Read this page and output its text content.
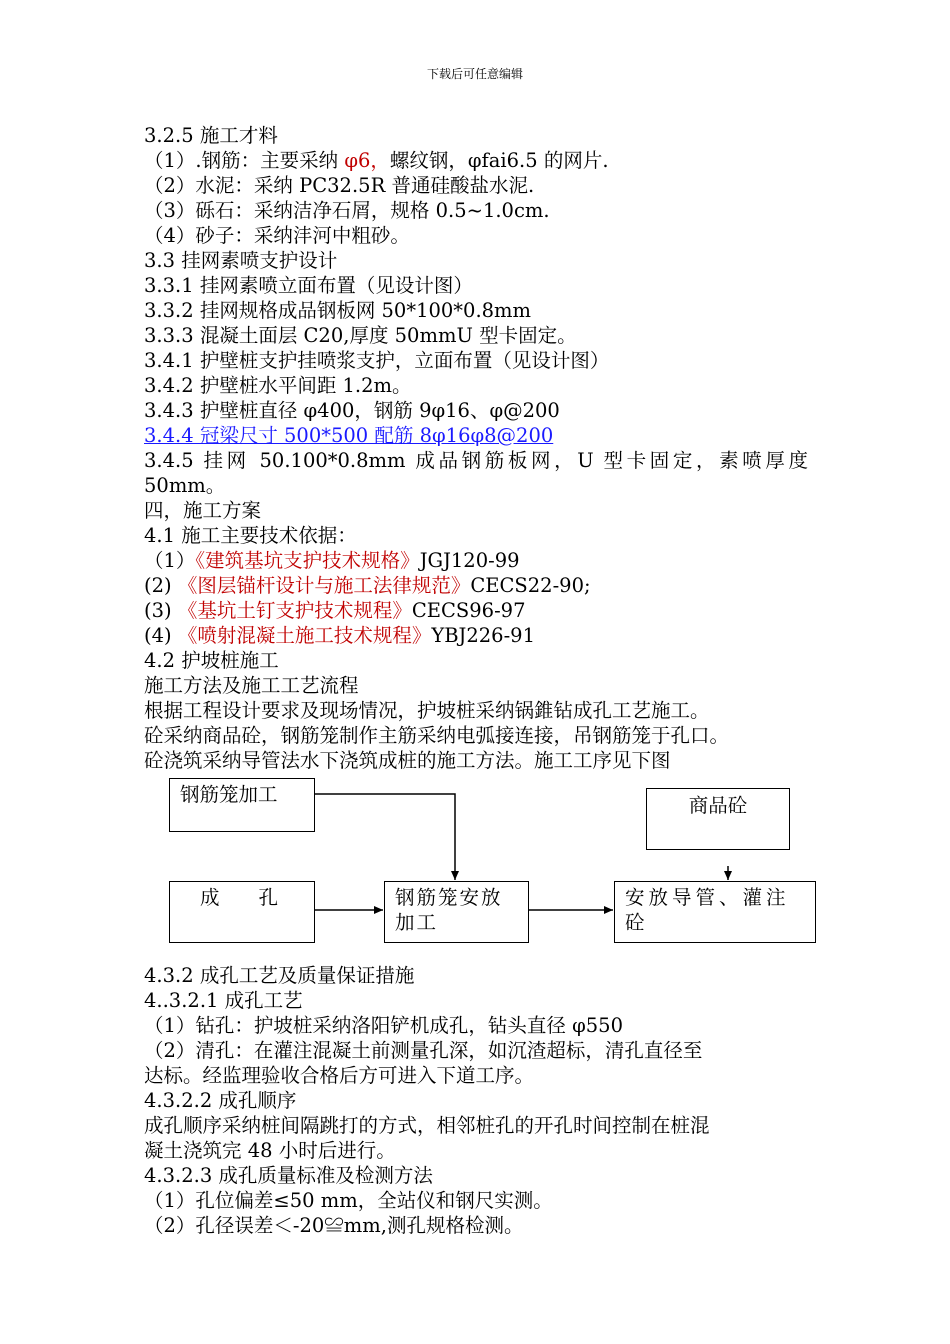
下载后可任意编辑
3.2.5 施工才料
（1）.钢筋：主要采纳 φ6，螺纹钢，φfai6.5 的网片.
（2）水泥：采纳 PC32.5R 普通硅酸盐水泥.
（3）砾石：采纳洁净石屑，规格 0.5~1.0cm.
（4）砂子：采纳沣河中粗砂。
3.3 挂网素喷支护设计
3.3.1 挂网素喷立面布置（见设计图）
3.3.2 挂网规格成品钢板网 50*100*0.8mm
3.3.3 混凝土面层 C20,厚度 50mmU 型卡固定。
3.4.1 护壁桩支护挂喷浆支护，立面布置（见设计图）
3.4.2 护壁桩水平间距 1.2m。
3.4.3 护壁桩直径 φ400，钢筋 9φ16、φ@200
3.4.4 冠梁尺寸 500*500 配筋 8φ16φ8@200
3.4.5 挂网 50.100*0.8mm 成品钢筋板网，U 型卡固定，素喷厚度
50mm。
四，施工方案
4.1 施工主要技术依据：
（1）《建筑基坑支护技术规格》JGJ120-99
(2) 《图层锚杆设计与施工法律规范》CECS22-90;
(3) 《基坑土钉支护技术规程》CECS96-97
(4) 《喷射混凝土施工技术规程》YBJ226-91
4.2 护坡桩施工
施工方法及施工工艺流程
根据工程设计要求及现场情况，护坡桩采纳锅錐钻成孔工艺施工。
砼采纳商品砼，钢筋笼制作主筋采纳电弧接连接，吊钢筋笼于孔口。
砼浇筑采纳导管法水下浇筑成桩的施工方法。施工工序见下图
钢筋笼加工	商品砼
成　　孔	钢筋笼安放加工
安放导管、灌注砼
4.3.2 成孔工艺及质量保证措施
4..3.2.1 成孔工艺
（1）钻孔：护坡桩采纳洛阳铲机成孔，钻头直径 φ550
（2）清孔：在灌注混凝土前测量孔深，如沉渣超标，清孔直径至
达标。经监理验收合格后方可进入下道工序。
4.3.2.2 成孔顺序
成孔顺序采纳桩间隔跳打的方式，相邻桩孔的开孔时间控制在桩混
凝土浇筑完 48 小时后进行。
4.3.2.3 成孔质量标准及检测方法
（1）孔位偏差≤50 mm，全站仪和钢尺实测。
（2）孔径误差＜-20≌mm,测孔规格检测。
